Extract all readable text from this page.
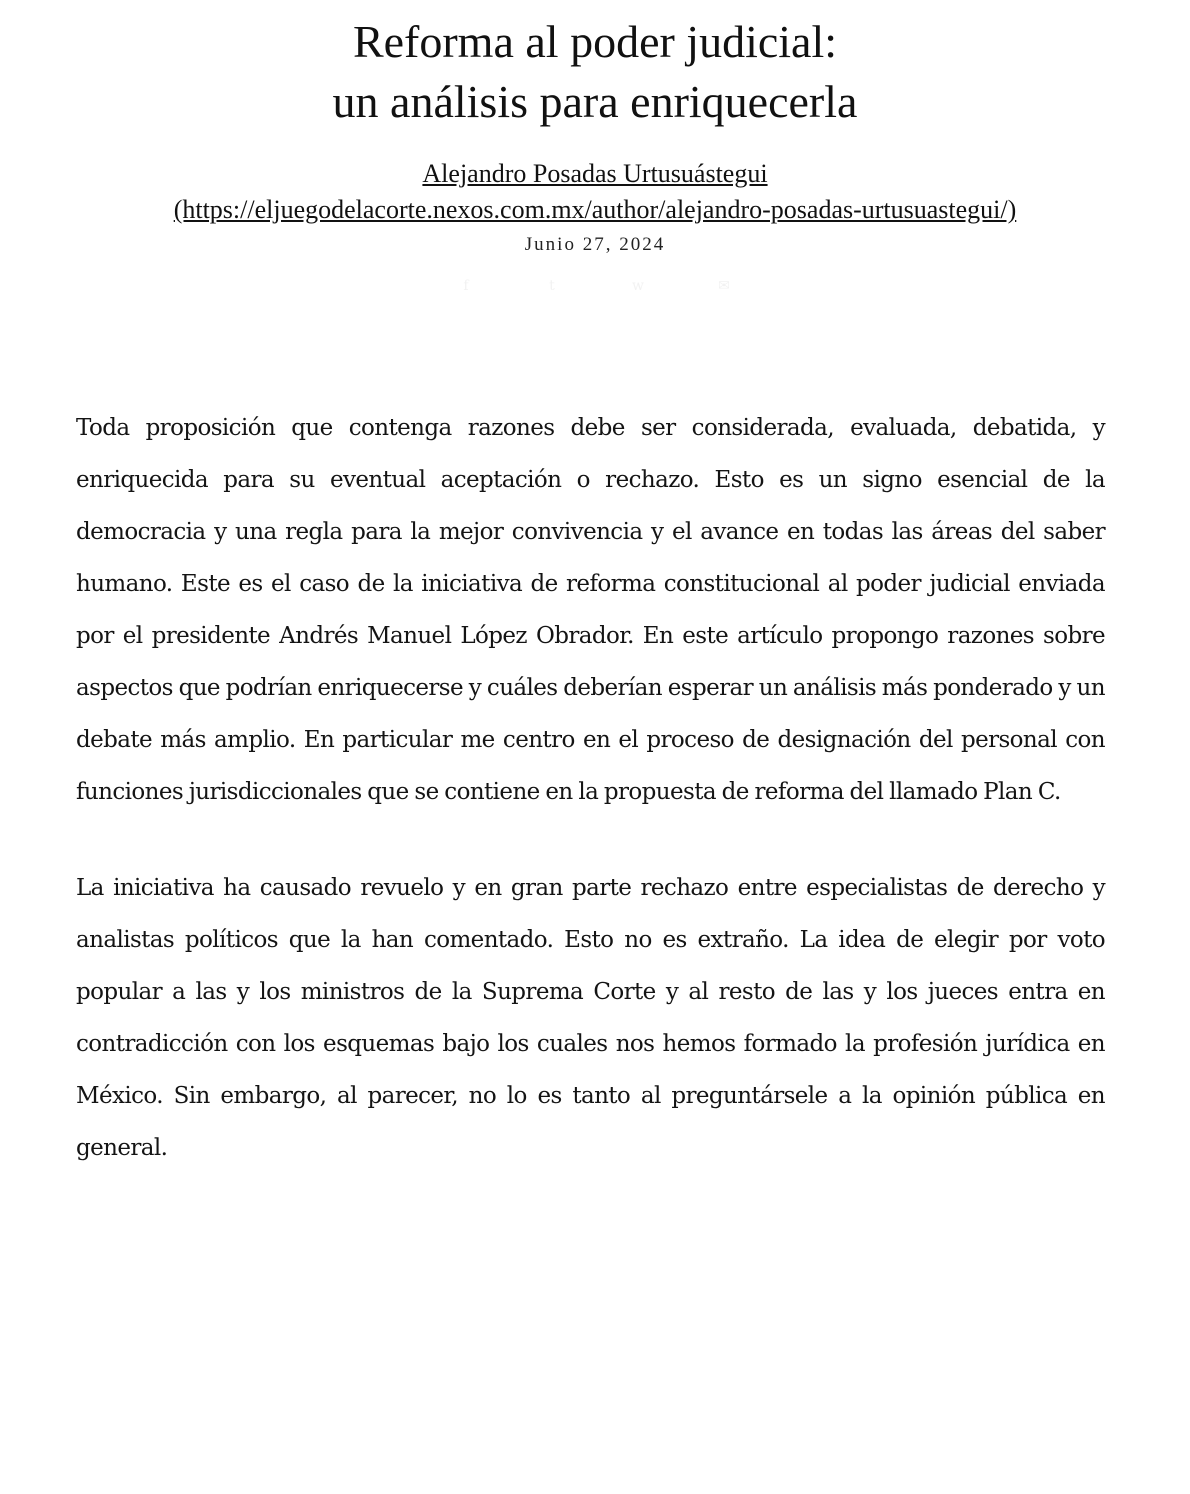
Reforma al poder judicial:
un análisis para enriquecerla
Alejandro Posadas Urtusuástegui
(https://eljuegodelacorte.nexos.com.mx/author/alejandro-posadas-urtusuastegui/)
Junio 27, 2024
f	t	w	✉

Toda proposición que contenga razones debe ser considerada, evaluada, debatida, y enriquecida para su eventual aceptación o rechazo. Esto es un signo esencial de la democracia y una regla para la mejor convivencia y el avance en todas las áreas del saber humano. Este es el caso de la iniciativa de reforma constitucional al poder judicial enviada por el presidente Andrés Manuel López Obrador. En este artículo propongo razones sobre aspectos que podrían enriquecerse y cuáles deberían esperar un análisis más ponderado y un debate más amplio. En particular me centro en el proceso de designación del personal con funciones jurisdiccionales que se contiene en la propuesta de reforma del llamado Plan C.

La iniciativa ha causado revuelo y en gran parte rechazo entre especialistas de derecho y analistas políticos que la han comentado. Esto no es extraño. La idea de elegir por voto popular a las y los ministros de la Suprema Corte y al resto de las y los jueces entra en contradicción con los esquemas bajo los cuales nos hemos formado la profesión jurídica en México. Sin embargo, al parecer, no lo es tanto al preguntársele a la opinión pública en general.
